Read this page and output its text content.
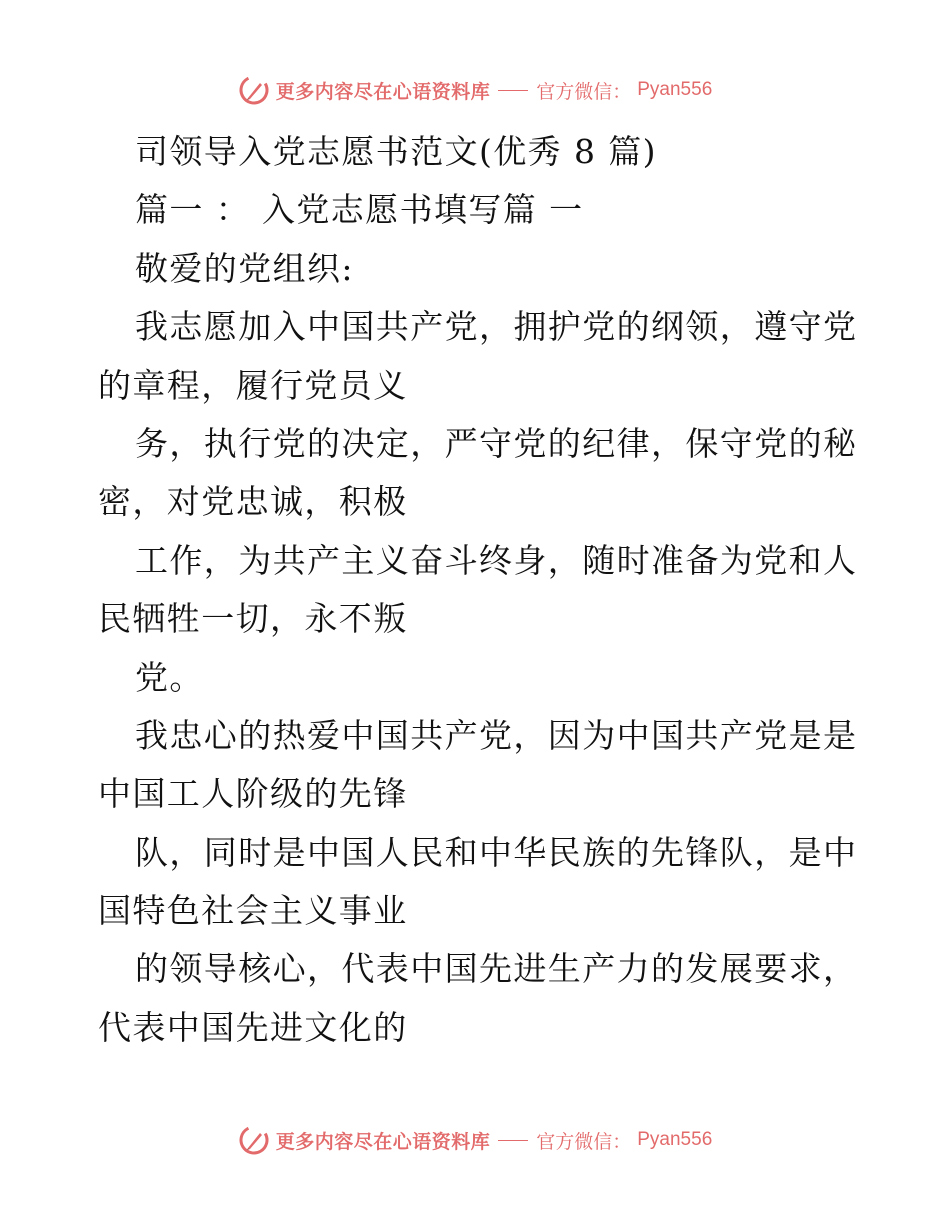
更多内容尽在心语资料库 官方微信： Pyan556
司领导入党志愿书范文(优秀 8 篇)
篇一 ： 入党志愿书填写篇 一
敬爱的党组织:
我志愿加入中国共产党，拥护党的纲领，遵守党
的章程，履行党员义
务，执行党的决定，严守党的纪律，保守党的秘
密，对党忠诚，积极
工作，为共产主义奋斗终身，随时准备为党和人
民牺牲一切，永不叛
党。
我忠心的热爱中国共产党，因为中国共产党是是
中国工人阶级的先锋
队，同时是中国人民和中华民族的先锋队，是中
国特色社会主义事业
的领导核心，代表中国先进生产力的发展要求，
代表中国先进文化的
更多内容尽在心语资料库 官方微信： Pyan556
